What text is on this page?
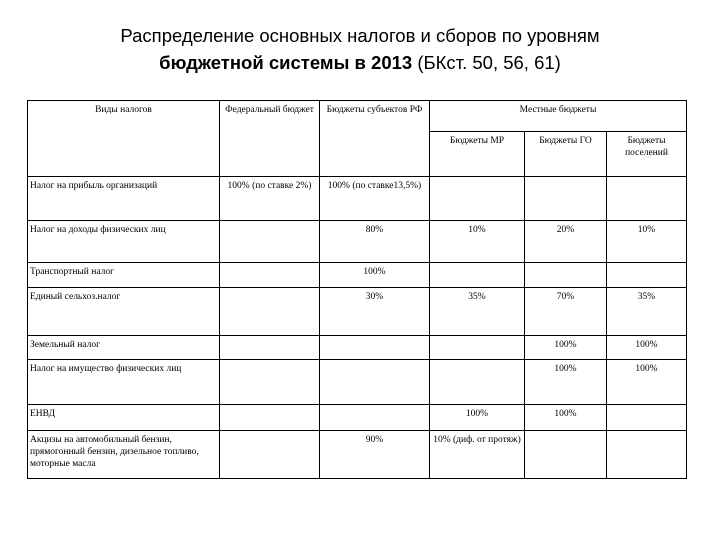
Распределение основных налогов и сборов по уровням
бюджетной системы в 2013 (БКст. 50, 56, 61)
Виды налогов	Федеральный бюджет	Бюджеты субъектов РФ	Местные бюджеты		
			Бюджеты МР	Бюджеты ГО	Бюджеты поселений
Налог на прибыль организаций	100% (по ставке 2%)	100% (по ставке13,5%)			
Налог на доходы физических лиц		80%	10%	20%	10%
Транспортный налог		100%			
Единый сельхоз.налог		30%	35%	70%	35%
Земельный налог				100%	100%
Налог на имущество физических лиц				100%	100%
ЕНВД			100%	100%	
Акцизы на автомобильный бензин, прямогонный бензин, дизельное топливо, моторные масла		90%	10% (диф. от протяж)		
